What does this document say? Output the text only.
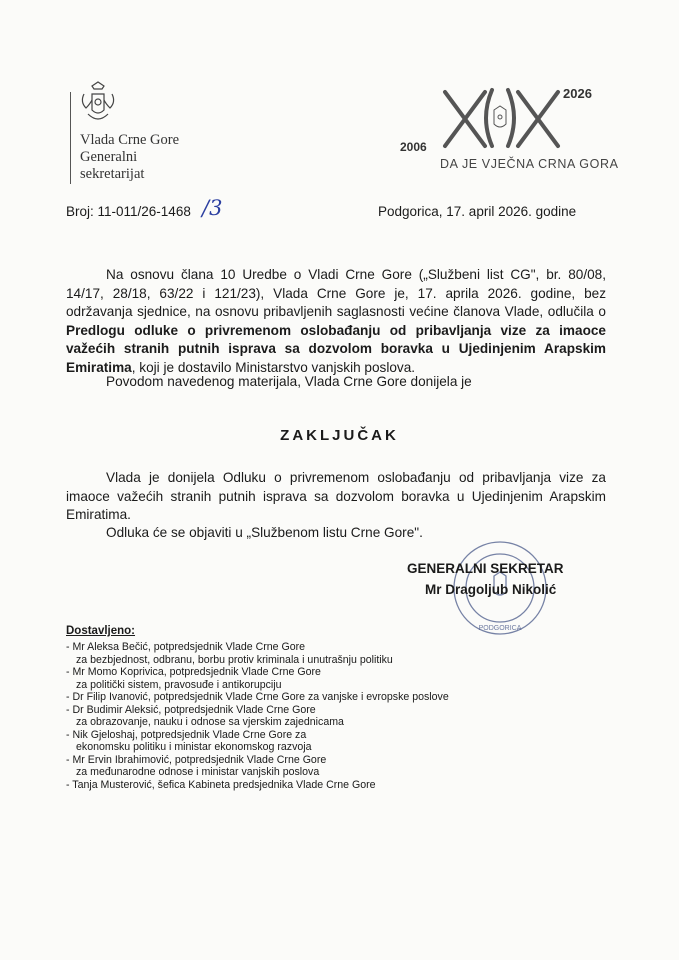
Vlada Crne Gore
Generalni
sekretarijat
2026
2006
DA JE VJEČNA CRNA GORA
Broj: 11-011/26-1468 /3	Podgorica, 17. april 2026. godine
Na osnovu člana 10 Uredbe o Vladi Crne Gore („Službeni list CG", br. 80/08, 14/17, 28/18, 63/22 i 121/23), Vlada Crne Gore je, 17. aprila 2026. godine, bez održavanja sjednice, na osnovu pribavljenih saglasnosti većine članova Vlade, odlučila o Predlogu odluke o privremenom oslobađanju od pribavljanja vize za imaoce važećih stranih putnih isprava sa dozvolom boravka u Ujedinjenim Arapskim Emiratima, koji je dostavilo Ministarstvo vanjskih poslova.
Povodom navedenog materijala, Vlada Crne Gore donijela je
ZAKLJUČAK
Vlada je donijela Odluku o privremenom oslobađanju od pribavljanja vize za imaoce važećih stranih putnih isprava sa dozvolom boravka u Ujedinjenim Arapskim Emiratima.
Odluka će se objaviti u „Službenom listu Crne Gore".
PODGORICA
GENERALNI SEKRETAR
Mr Dragoljub Nikolić
Dostavljeno:
- Mr Aleksa Bečić, potpredsjednik Vlade Crne Gore
za bezbjednost, odbranu, borbu protiv kriminala i unutrašnju politiku
- Mr Momo Koprivica, potpredsjednik Vlade Crne Gore
za politički sistem, pravosuđe i antikorupciju
- Dr Filip Ivanović, potpredsjednik Vlade Crne Gore za vanjske i evropske poslove
- Dr Budimir Aleksić, potpredsjednik Vlade Crne Gore
za obrazovanje, nauku i odnose sa vjerskim zajednicama
- Nik Gjeloshaj, potpredsjednik Vlade Crne Gore za
ekonomsku politiku i ministar ekonomskog razvoja
- Mr Ervin Ibrahimović, potpredsjednik Vlade Crne Gore
za međunarodne odnose i ministar vanjskih poslova
- Tanja Musterović, šefica Kabineta predsjednika Vlade Crne Gore
